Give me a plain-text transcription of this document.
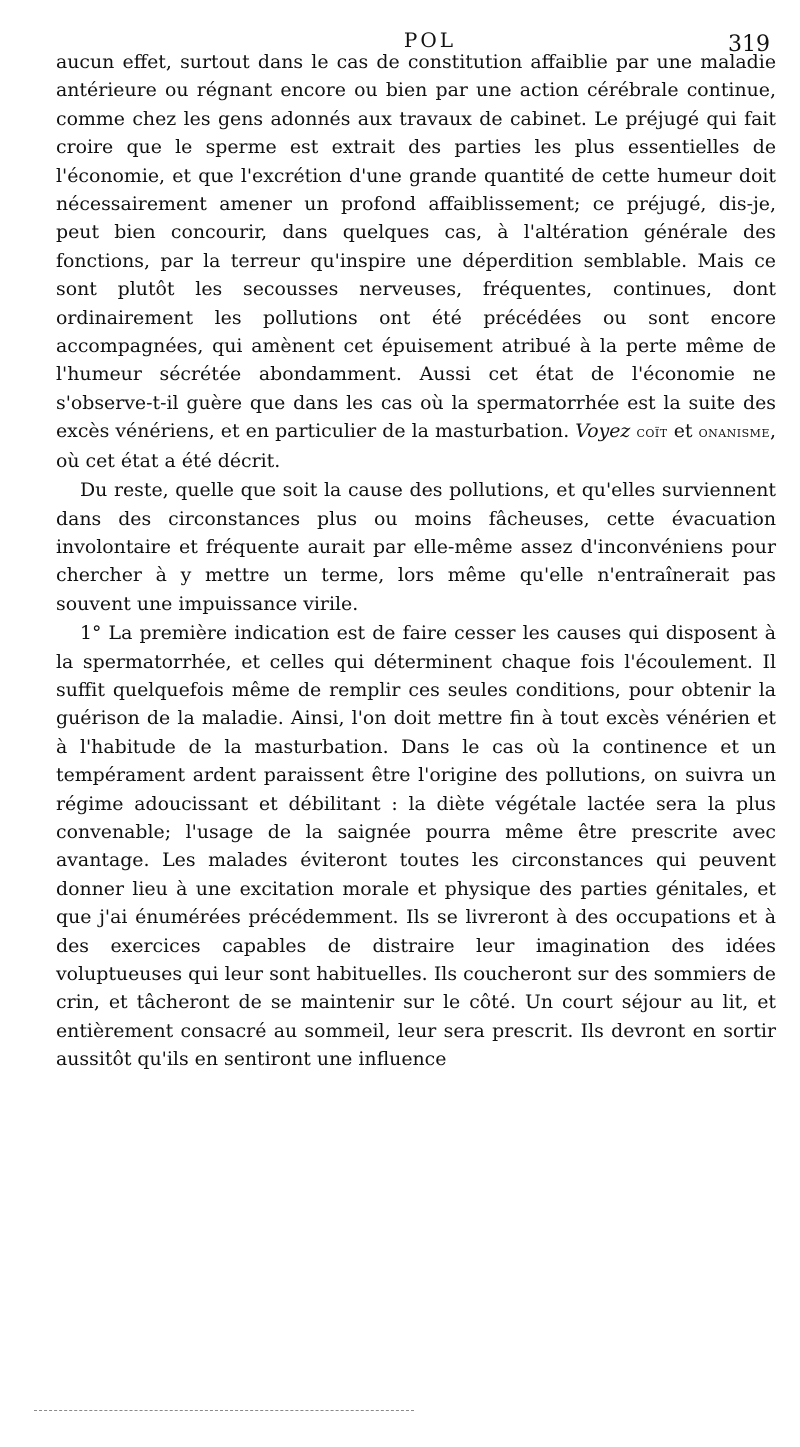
POL	319

aucun effet, surtout dans le cas de constitution affaiblie par une maladie antérieure ou régnant encore ou bien par une action cérébrale continue, comme chez les gens adonnés aux travaux de cabinet. Le préjugé qui fait croire que le sperme est extrait des parties les plus essentielles de l'économie, et que l'excrétion d'une grande quantité de cette humeur doit nécessairement amener un profond affaiblissement; ce préjugé, dis-je, peut bien concourir, dans quelques cas, à l'altération générale des fonctions, par la terreur qu'inspire une déperdition semblable. Mais ce sont plutôt les secousses nerveuses, fréquentes, continues, dont ordinairement les pollutions ont été précédées ou sont encore accompagnées, qui amènent cet épuisement atribué à la perte même de l'humeur sécrétée abondamment. Aussi cet état de l'économie ne s'observe-t-il guère que dans les cas où la spermatorrhée est la suite des excès vénériens, et en particulier de la masturbation. Voyez coït et onanisme, où cet état a été décrit.

Du reste, quelle que soit la cause des pollutions, et qu'elles surviennent dans des circonstances plus ou moins fâcheuses, cette évacuation involontaire et fréquente aurait par elle-même assez d'inconvéniens pour chercher à y mettre un terme, lors même qu'elle n'entraînerait pas souvent une impuissance virile.

1° La première indication est de faire cesser les causes qui disposent à la spermatorrhée, et celles qui déterminent chaque fois l'écoulement. Il suffit quelquefois même de remplir ces seules conditions, pour obtenir la guérison de la maladie. Ainsi, l'on doit mettre fin à tout excès vénérien et à l'habitude de la masturbation. Dans le cas où la continence et un tempérament ardent paraissent être l'origine des pollutions, on suivra un régime adoucissant et débilitant : la diète végétale lactée sera la plus convenable; l'usage de la saignée pourra même être prescrite avec avantage. Les malades éviteront toutes les circonstances qui peuvent donner lieu à une excitation morale et physique des parties génitales, et que j'ai énumérées précédemment. Ils se livreront à des occupations et à des exercices capables de distraire leur imagination des idées voluptueuses qui leur sont habituelles. Ils coucheront sur des sommiers de crin, et tâcheront de se maintenir sur le côté. Un court séjour au lit, et entièrement consacré au sommeil, leur sera prescrit. Ils devront en sortir aussitôt qu'ils en sentiront une influence
